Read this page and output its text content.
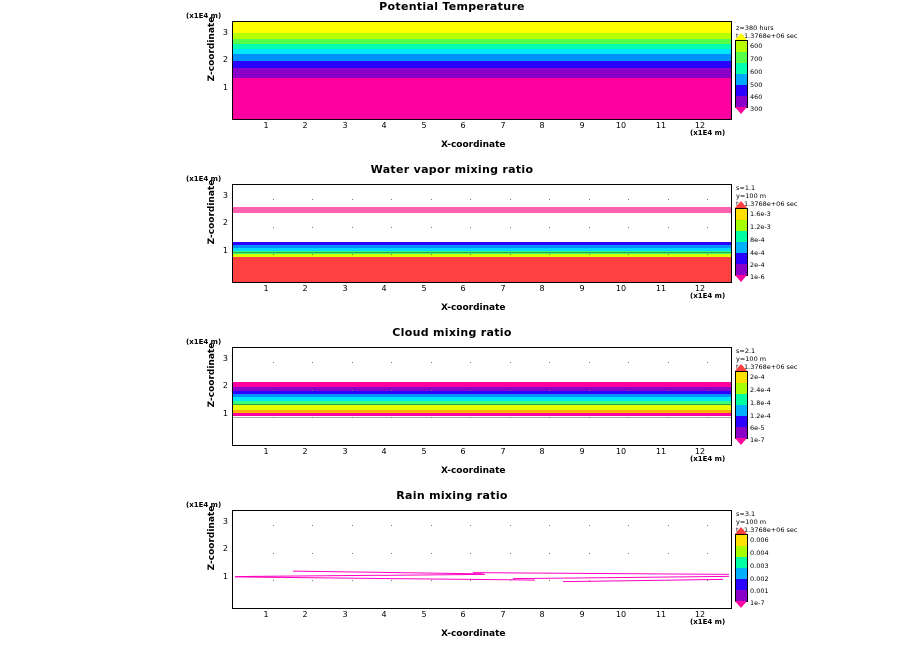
Potential Temperature
(x1E4 m)
Z-coordinate
1
2
3
1	2	3	4	5	6	7	8	9	10	11	12
X-coordinate
(x1E4 m)
z=380 hurs
t=1.3768e+06 sec
600
700
600
500
460
300
Water vapor mixing ratio
(x1E4 m)
Z-coordinate
1
2
3
1	2	3	4	5	6	7	8	9	10	11	12
X-coordinate
(x1E4 m)
s=1.1
y=100 m
t=1.3768e+06 sec
1.6e-3
1.2e-3
8e-4
4e-4
2e-4
1e-6
Cloud mixing ratio
(x1E4 m)
Z-coordinate
1
2
3
1	2	3	4	5	6	7	8	9	10	11	12
X-coordinate
(x1E4 m)
s=2.1
y=100 m
t=1.3768e+06 sec
2e-4
2.4e-4
1.8e-4
1.2e-4
6e-5
1e-7
Rain mixing ratio
(x1E4 m)
Z-coordinate
1
2
3
1	2	3	4	5	6	7	8	9	10	11	12
X-coordinate
(x1E4 m)
s=3.1
y=100 m
t=1.3768e+06 sec
0.006
0.004
0.003
0.002
0.001
1e-7
